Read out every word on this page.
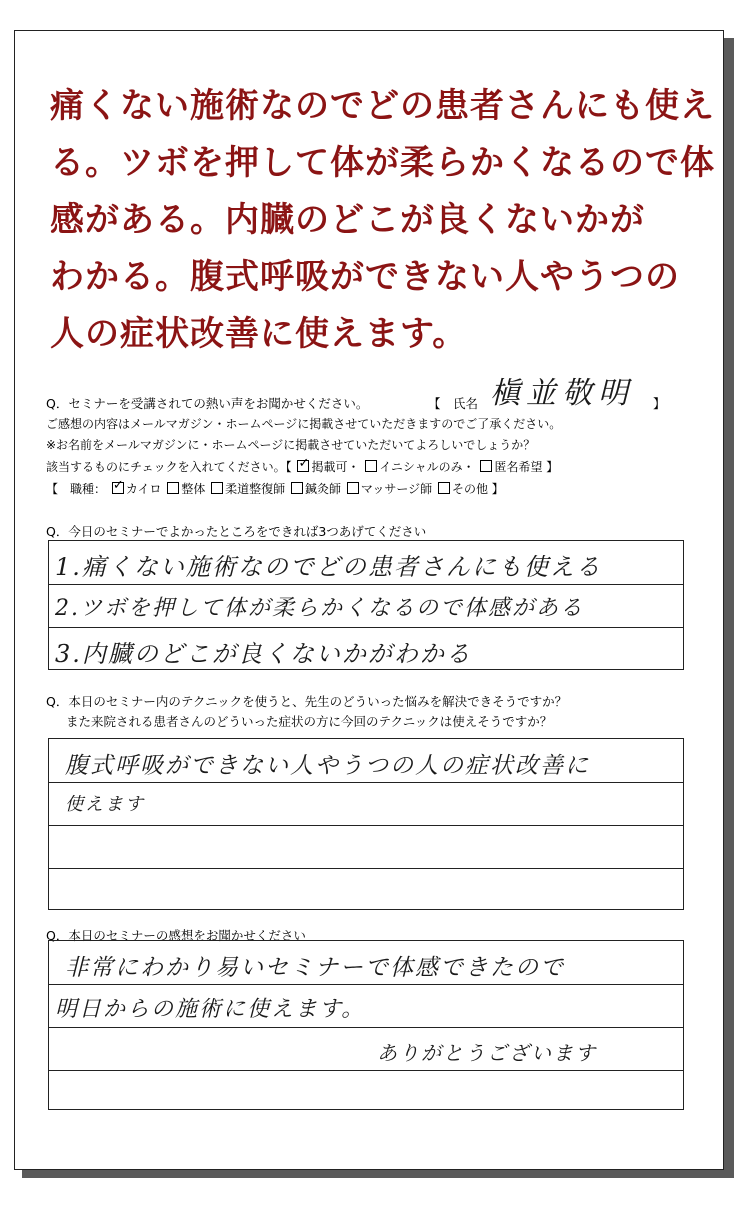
痛くない施術なのでどの患者さんにも使え
る。ツボを押して体が柔らかくなるので体
感がある。内臓のどこが良くないかが
わかる。腹式呼吸ができない人やうつの
人の症状改善に使えます。
Q．セミナーを受講されての熱い声をお聞かせください。	【　氏名 槇並敬明 】
ご感想の内容はメールマガジン・ホームページに掲載させていただきますのでご了承ください。
※お名前をメールマガジンに・ホームページに掲載させていただいてよろしいでしょうか？
該当するものにチェックを入れてください。【 ✓ 掲載可・ イニシャルのみ・ 匿名希望 】
【　職種： ✓ カイロ 整体 柔道整復師 鍼灸師 マッサージ師 その他 】
Q．今日のセミナーでよかったところをできれば3つあげてください
1.痛くない施術なのでどの患者さんにも使える
2.ツボを押して体が柔らかくなるので体感がある
3.内臓のどこが良くないかがわかる
Q．本日のセミナー内のテクニックを使うと、先生のどういった悩みを解決できそうですか？
また来院される患者さんのどういった症状の方に今回のテクニックは使えそうですか？
腹式呼吸ができない人やうつの人の症状改善に
使えます
Q．本日のセミナーの感想をお聞かせください
非常にわかり易いセミナーで体感できたので
明日からの施術に使えます。
ありがとうございます
